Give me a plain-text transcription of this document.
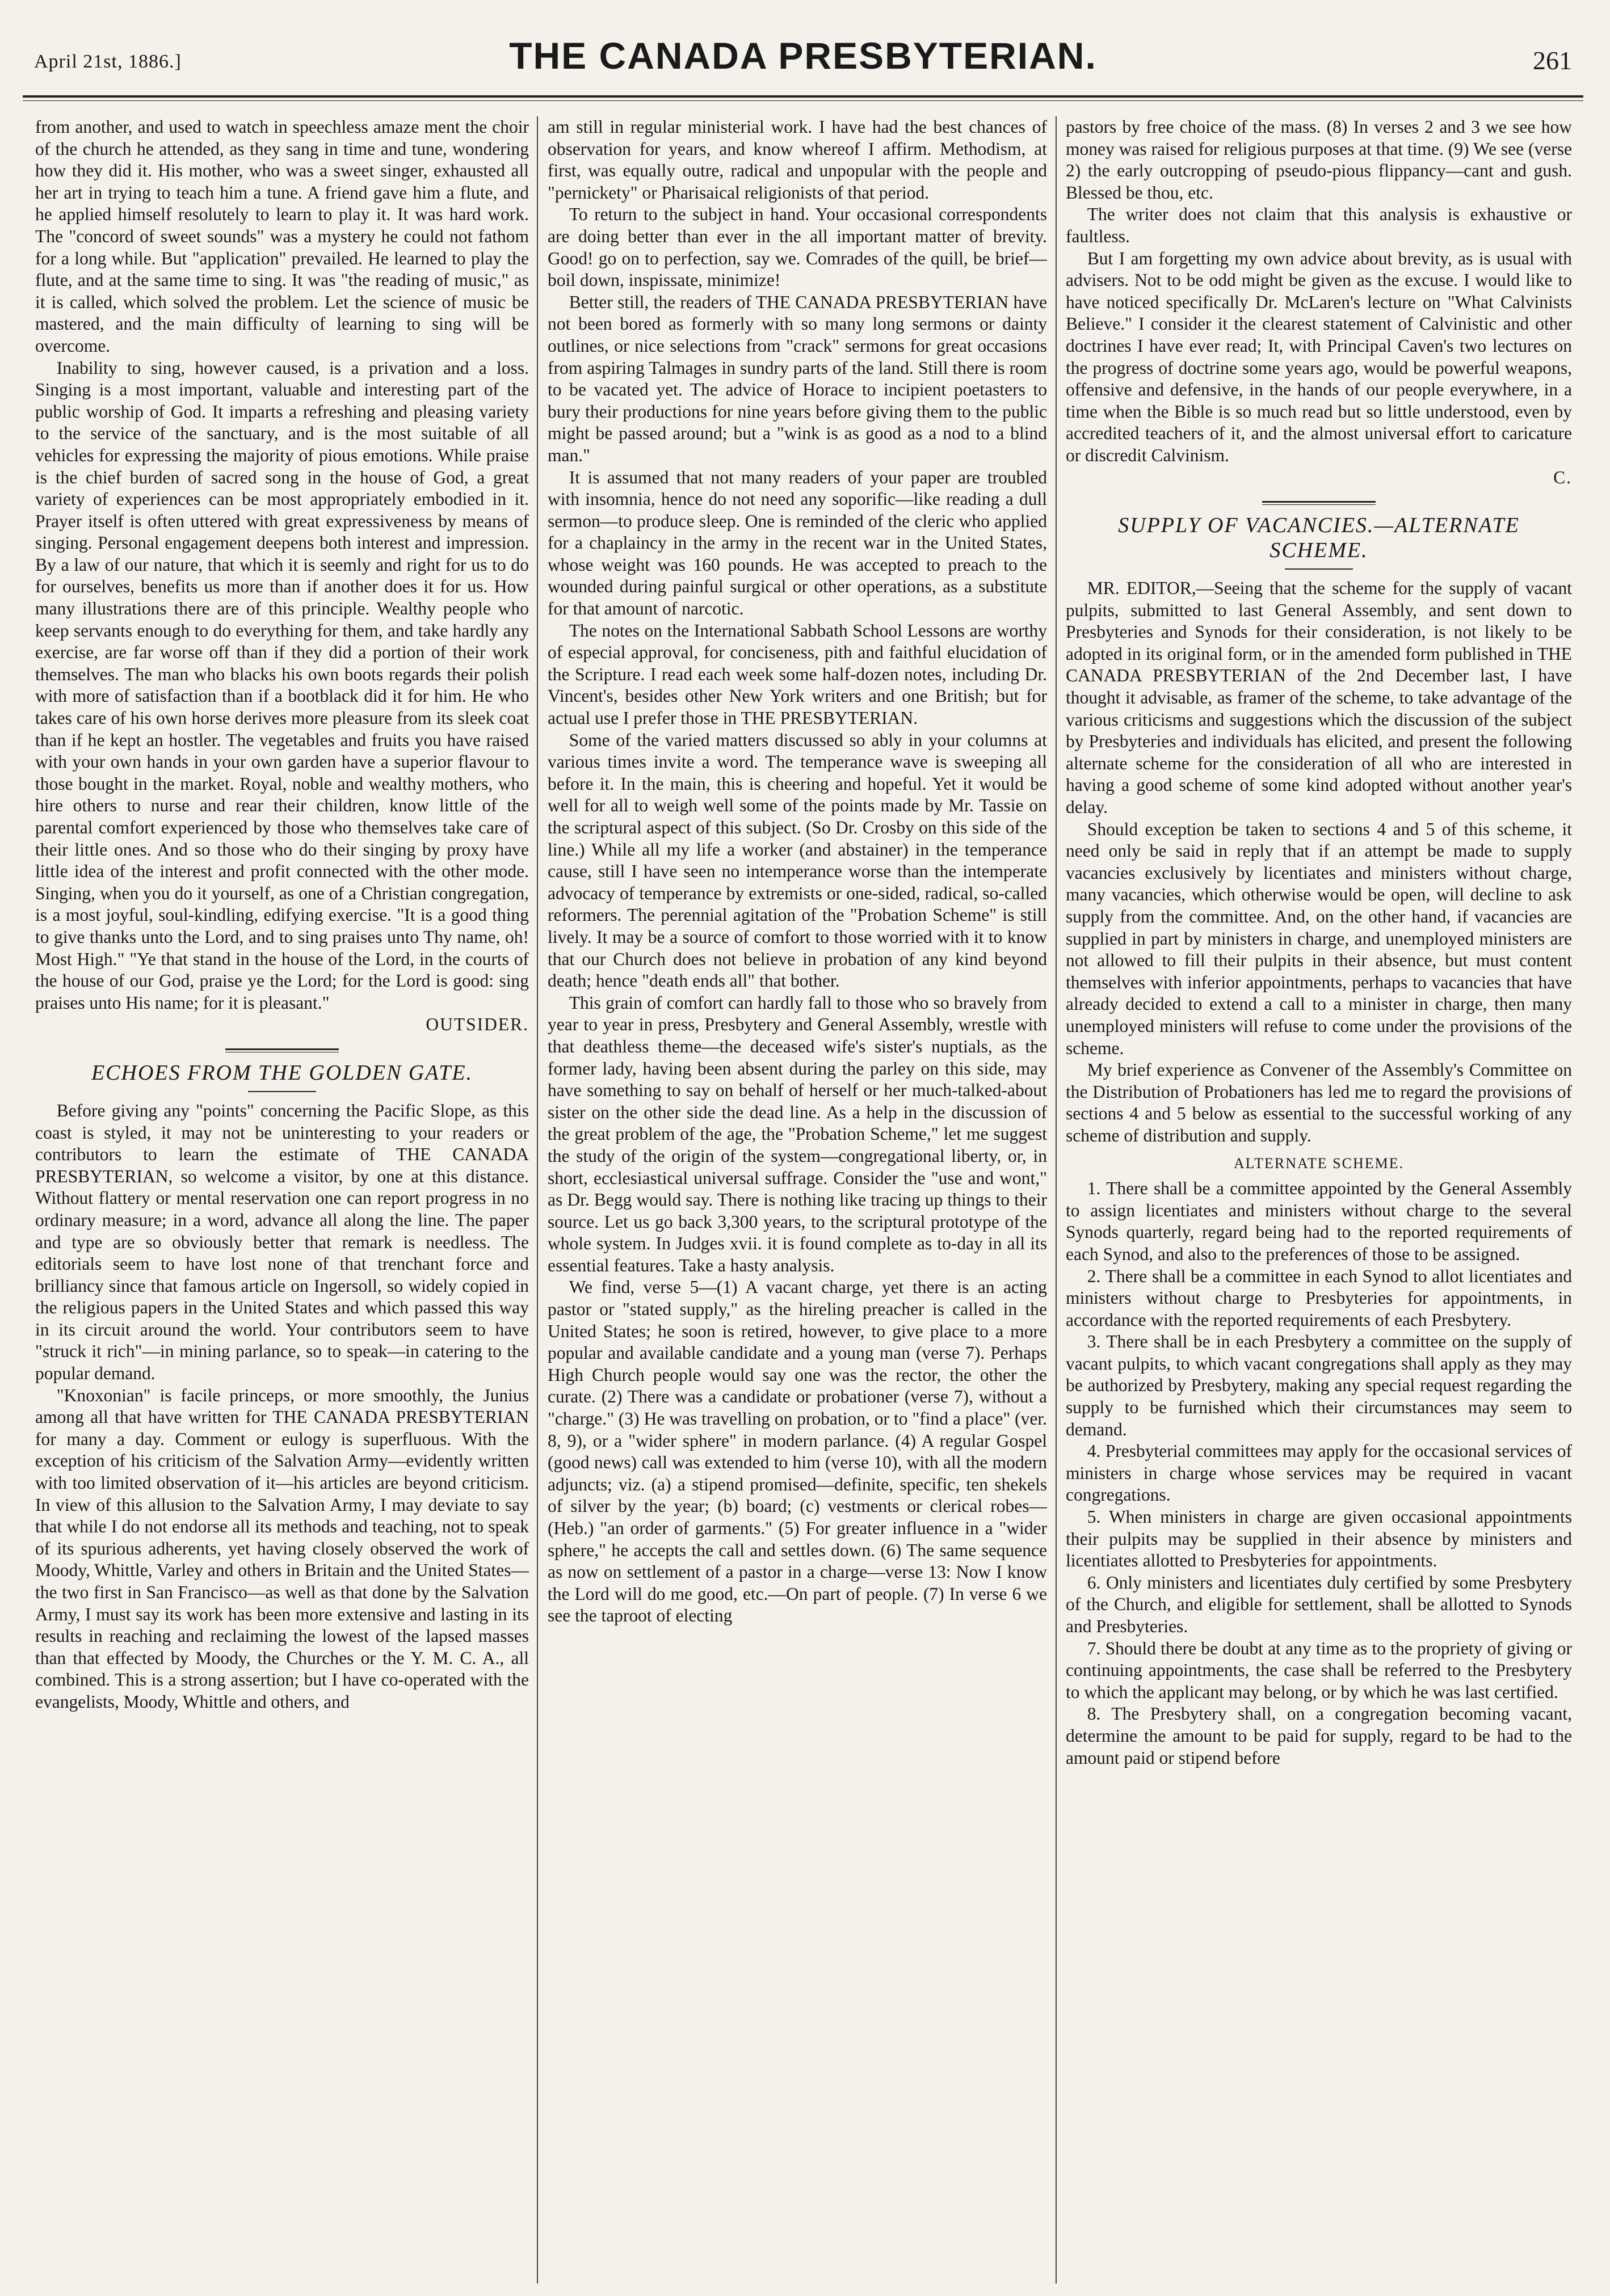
April 21st, 1886.]	THE CANADA PRESBYTERIAN.	261

from another, and used to watch in speechless amaze ment the choir of the church he attended, as they sang in time and tune, wondering how they did it. His mother, who was a sweet singer, exhausted all her art in trying to teach him a tune. A friend gave him a flute, and he applied himself resolutely to learn to play it. It was hard work. The "concord of sweet sounds" was a mystery he could not fathom for a long while. But "application" prevailed. He learned to play the flute, and at the same time to sing. It was "the reading of music," as it is called, which solved the problem. Let the science of music be mastered, and the main difficulty of learning to sing will be overcome.

Inability to sing, however caused, is a privation and a loss. Singing is a most important, valuable and interesting part of the public worship of God. It imparts a refreshing and pleasing variety to the service of the sanctuary, and is the most suitable of all vehicles for expressing the majority of pious emotions. While praise is the chief burden of sacred song in the house of God, a great variety of experiences can be most appropriately embodied in it. Prayer itself is often uttered with great expressiveness by means of singing. Personal engagement deepens both interest and impression. By a law of our nature, that which it is seemly and right for us to do for ourselves, benefits us more than if another does it for us. How many illustrations there are of this principle. Wealthy people who keep servants enough to do everything for them, and take hardly any exercise, are far worse off than if they did a portion of their work themselves. The man who blacks his own boots regards their polish with more of satisfaction than if a bootblack did it for him. He who takes care of his own horse derives more pleasure from its sleek coat than if he kept an hostler. The vegetables and fruits you have raised with your own hands in your own garden have a superior flavour to those bought in the market. Royal, noble and wealthy mothers, who hire others to nurse and rear their children, know little of the parental comfort experienced by those who themselves take care of their little ones. And so those who do their singing by proxy have little idea of the interest and profit connected with the other mode. Singing, when you do it yourself, as one of a Christian congregation, is a most joyful, soul-kindling, edifying exercise. "It is a good thing to give thanks unto the Lord, and to sing praises unto Thy name, oh! Most High." "Ye that stand in the house of the Lord, in the courts of the house of our God, praise ye the Lord; for the Lord is good: sing praises unto His name; for it is pleasant."

OUTSIDER.

ECHOES FROM THE GOLDEN GATE.

Before giving any "points" concerning the Pacific Slope, as this coast is styled, it may not be uninteresting to your readers or contributors to learn the estimate of THE CANADA PRESBYTERIAN, so welcome a visitor, by one at this distance. Without flattery or mental reservation one can report progress in no ordinary measure; in a word, advance all along the line. The paper and type are so obviously better that remark is needless. The editorials seem to have lost none of that trenchant force and brilliancy since that famous article on Ingersoll, so widely copied in the religious papers in the United States and which passed this way in its circuit around the world. Your contributors seem to have "struck it rich"—in mining parlance, so to speak—in catering to the popular demand.

"Knoxonian" is facile princeps, or more smoothly, the Junius among all that have written for THE CANADA PRESBYTERIAN for many a day. Comment or eulogy is superfluous. With the exception of his criticism of the Salvation Army—evidently written with too limited observation of it—his articles are beyond criticism. In view of this allusion to the Salvation Army, I may deviate to say that while I do not endorse all its methods and teaching, not to speak of its spurious adherents, yet having closely observed the work of Moody, Whittle, Varley and others in Britain and the United States—the two first in San Francisco—as well as that done by the Salvation Army, I must say its work has been more extensive and lasting in its results in reaching and reclaiming the lowest of the lapsed masses than that effected by Moody, the Churches or the Y. M. C. A., all combined. This is a strong assertion; but I have co-operated with the evangelists, Moody, Whittle and others, and

am still in regular ministerial work. I have had the best chances of observation for years, and know whereof I affirm. Methodism, at first, was equally outre, radical and unpopular with the people and "pernickety" or Pharisaical religionists of that period.

To return to the subject in hand. Your occasional correspondents are doing better than ever in the all important matter of brevity. Good! go on to perfection, say we. Comrades of the quill, be brief—boil down, inspissate, minimize!

Better still, the readers of THE CANADA PRESBYTERIAN have not been bored as formerly with so many long sermons or dainty outlines, or nice selections from "crack" sermons for great occasions from aspiring Talmages in sundry parts of the land. Still there is room to be vacated yet. The advice of Horace to incipient poetasters to bury their productions for nine years before giving them to the public might be passed around; but a "wink is as good as a nod to a blind man."

It is assumed that not many readers of your paper are troubled with insomnia, hence do not need any soporific—like reading a dull sermon—to produce sleep. One is reminded of the cleric who applied for a chaplaincy in the army in the recent war in the United States, whose weight was 160 pounds. He was accepted to preach to the wounded during painful surgical or other operations, as a substitute for that amount of narcotic.

The notes on the International Sabbath School Lessons are worthy of especial approval, for conciseness, pith and faithful elucidation of the Scripture. I read each week some half-dozen notes, including Dr. Vincent's, besides other New York writers and one British; but for actual use I prefer those in THE PRESBYTERIAN.

Some of the varied matters discussed so ably in your columns at various times invite a word. The temperance wave is sweeping all before it. In the main, this is cheering and hopeful. Yet it would be well for all to weigh well some of the points made by Mr. Tassie on the scriptural aspect of this subject. (So Dr. Crosby on this side of the line.) While all my life a worker (and abstainer) in the temperance cause, still I have seen no intemperance worse than the intemperate advocacy of temperance by extremists or one-sided, radical, so-called reformers. The perennial agitation of the "Probation Scheme" is still lively. It may be a source of comfort to those worried with it to know that our Church does not believe in probation of any kind beyond death; hence "death ends all" that bother.

This grain of comfort can hardly fall to those who so bravely from year to year in press, Presbytery and General Assembly, wrestle with that deathless theme—the deceased wife's sister's nuptials, as the former lady, having been absent during the parley on this side, may have something to say on behalf of herself or her much-talked-about sister on the other side the dead line. As a help in the discussion of the great problem of the age, the "Probation Scheme," let me suggest the study of the origin of the system—congregational liberty, or, in short, ecclesiastical universal suffrage. Consider the "use and wont," as Dr. Begg would say. There is nothing like tracing up things to their source. Let us go back 3,300 years, to the scriptural prototype of the whole system. In Judges xvii. it is found complete as to-day in all its essential features. Take a hasty analysis.

We find, verse 5—(1) A vacant charge, yet there is an acting pastor or "stated supply," as the hireling preacher is called in the United States; he soon is retired, however, to give place to a more popular and available candidate and a young man (verse 7). Perhaps High Church people would say one was the rector, the other the curate. (2) There was a candidate or probationer (verse 7), without a "charge." (3) He was travelling on probation, or to "find a place" (ver. 8, 9), or a "wider sphere" in modern parlance. (4) A regular Gospel (good news) call was extended to him (verse 10), with all the modern adjuncts; viz. (a) a stipend promised—definite, specific, ten shekels of silver by the year; (b) board; (c) vestments or clerical robes—(Heb.) "an order of garments." (5) For greater influence in a "wider sphere," he accepts the call and settles down. (6) The same sequence as now on settlement of a pastor in a charge—verse 13: Now I know the Lord will do me good, etc.—On part of people. (7) In verse 6 we see the taproot of electing

pastors by free choice of the mass. (8) In verses 2 and 3 we see how money was raised for religious purposes at that time. (9) We see (verse 2) the early outcropping of pseudo-pious flippancy—cant and gush. Blessed be thou, etc.

The writer does not claim that this analysis is exhaustive or faultless.

But I am forgetting my own advice about brevity, as is usual with advisers. Not to be odd might be given as the excuse. I would like to have noticed specifically Dr. McLaren's lecture on "What Calvinists Believe." I consider it the clearest statement of Calvinistic and other doctrines I have ever read; It, with Principal Caven's two lectures on the progress of doctrine some years ago, would be powerful weapons, offensive and defensive, in the hands of our people everywhere, in a time when the Bible is so much read but so little understood, even by accredited teachers of it, and the almost universal effort to caricature or discredit Calvinism.

C.

SUPPLY OF VACANCIES.—ALTERNATE SCHEME.

MR. EDITOR,—Seeing that the scheme for the supply of vacant pulpits, submitted to last General Assembly, and sent down to Presbyteries and Synods for their consideration, is not likely to be adopted in its original form, or in the amended form published in THE CANADA PRESBYTERIAN of the 2nd December last, I have thought it advisable, as framer of the scheme, to take advantage of the various criticisms and suggestions which the discussion of the subject by Presbyteries and individuals has elicited, and present the following alternate scheme for the consideration of all who are interested in having a good scheme of some kind adopted without another year's delay.

Should exception be taken to sections 4 and 5 of this scheme, it need only be said in reply that if an attempt be made to supply vacancies exclusively by licentiates and ministers without charge, many vacancies, which otherwise would be open, will decline to ask supply from the committee. And, on the other hand, if vacancies are supplied in part by ministers in charge, and unemployed ministers are not allowed to fill their pulpits in their absence, but must content themselves with inferior appointments, perhaps to vacancies that have already decided to extend a call to a minister in charge, then many unemployed ministers will refuse to come under the provisions of the scheme.

My brief experience as Convener of the Assembly's Committee on the Distribution of Probationers has led me to regard the provisions of sections 4 and 5 below as essential to the successful working of any scheme of distribution and supply.

ALTERNATE SCHEME.

1. There shall be a committee appointed by the General Assembly to assign licentiates and ministers without charge to the several Synods quarterly, regard being had to the reported requirements of each Synod, and also to the preferences of those to be assigned.

2. There shall be a committee in each Synod to allot licentiates and ministers without charge to Presbyteries for appointments, in accordance with the reported requirements of each Presbytery.

3. There shall be in each Presbytery a committee on the supply of vacant pulpits, to which vacant congregations shall apply as they may be authorized by Presbytery, making any special request regarding the supply to be furnished which their circumstances may seem to demand.

4. Presbyterial committees may apply for the occasional services of ministers in charge whose services may be required in vacant congregations.

5. When ministers in charge are given occasional appointments their pulpits may be supplied in their absence by ministers and licentiates allotted to Presbyteries for appointments.

6. Only ministers and licentiates duly certified by some Presbytery of the Church, and eligible for settlement, shall be allotted to Synods and Presbyteries.

7. Should there be doubt at any time as to the propriety of giving or continuing appointments, the case shall be referred to the Presbytery to which the applicant may belong, or by which he was last certified.

8. The Presbytery shall, on a congregation becoming vacant, determine the amount to be paid for supply, regard to be had to the amount paid or stipend before
